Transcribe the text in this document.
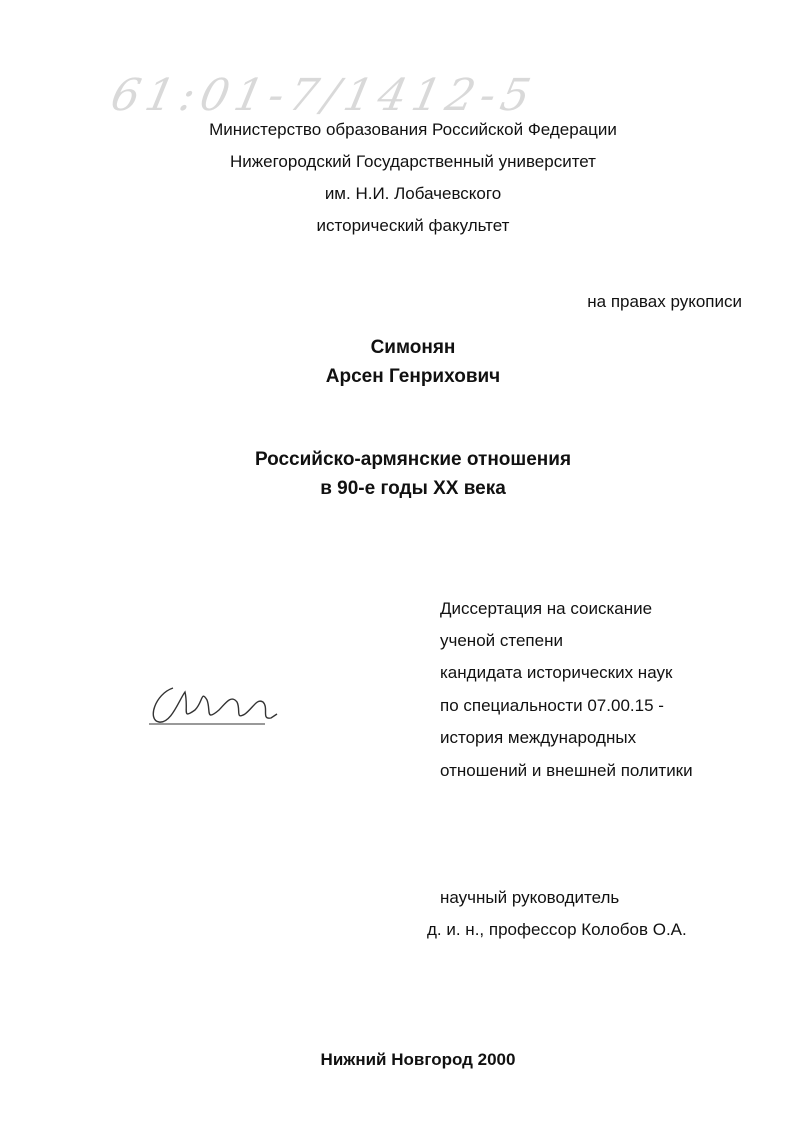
61:01-7/1412-5
Министерство образования Российской Федерации
Нижегородский Государственный университет
им. Н.И. Лобачевского
исторический факультет
на правах рукописи
Симонян
Арсен Генрихович
Российско-армянские отношения
в 90-е годы XX века
Диссертация на соискание
ученой степени
кандидата исторических наук
по специальности 07.00.15 -
история международных
отношений и внешней политики
научный руководитель
д. и. н., профессор Колобов О.А.
Нижний Новгород 2000
